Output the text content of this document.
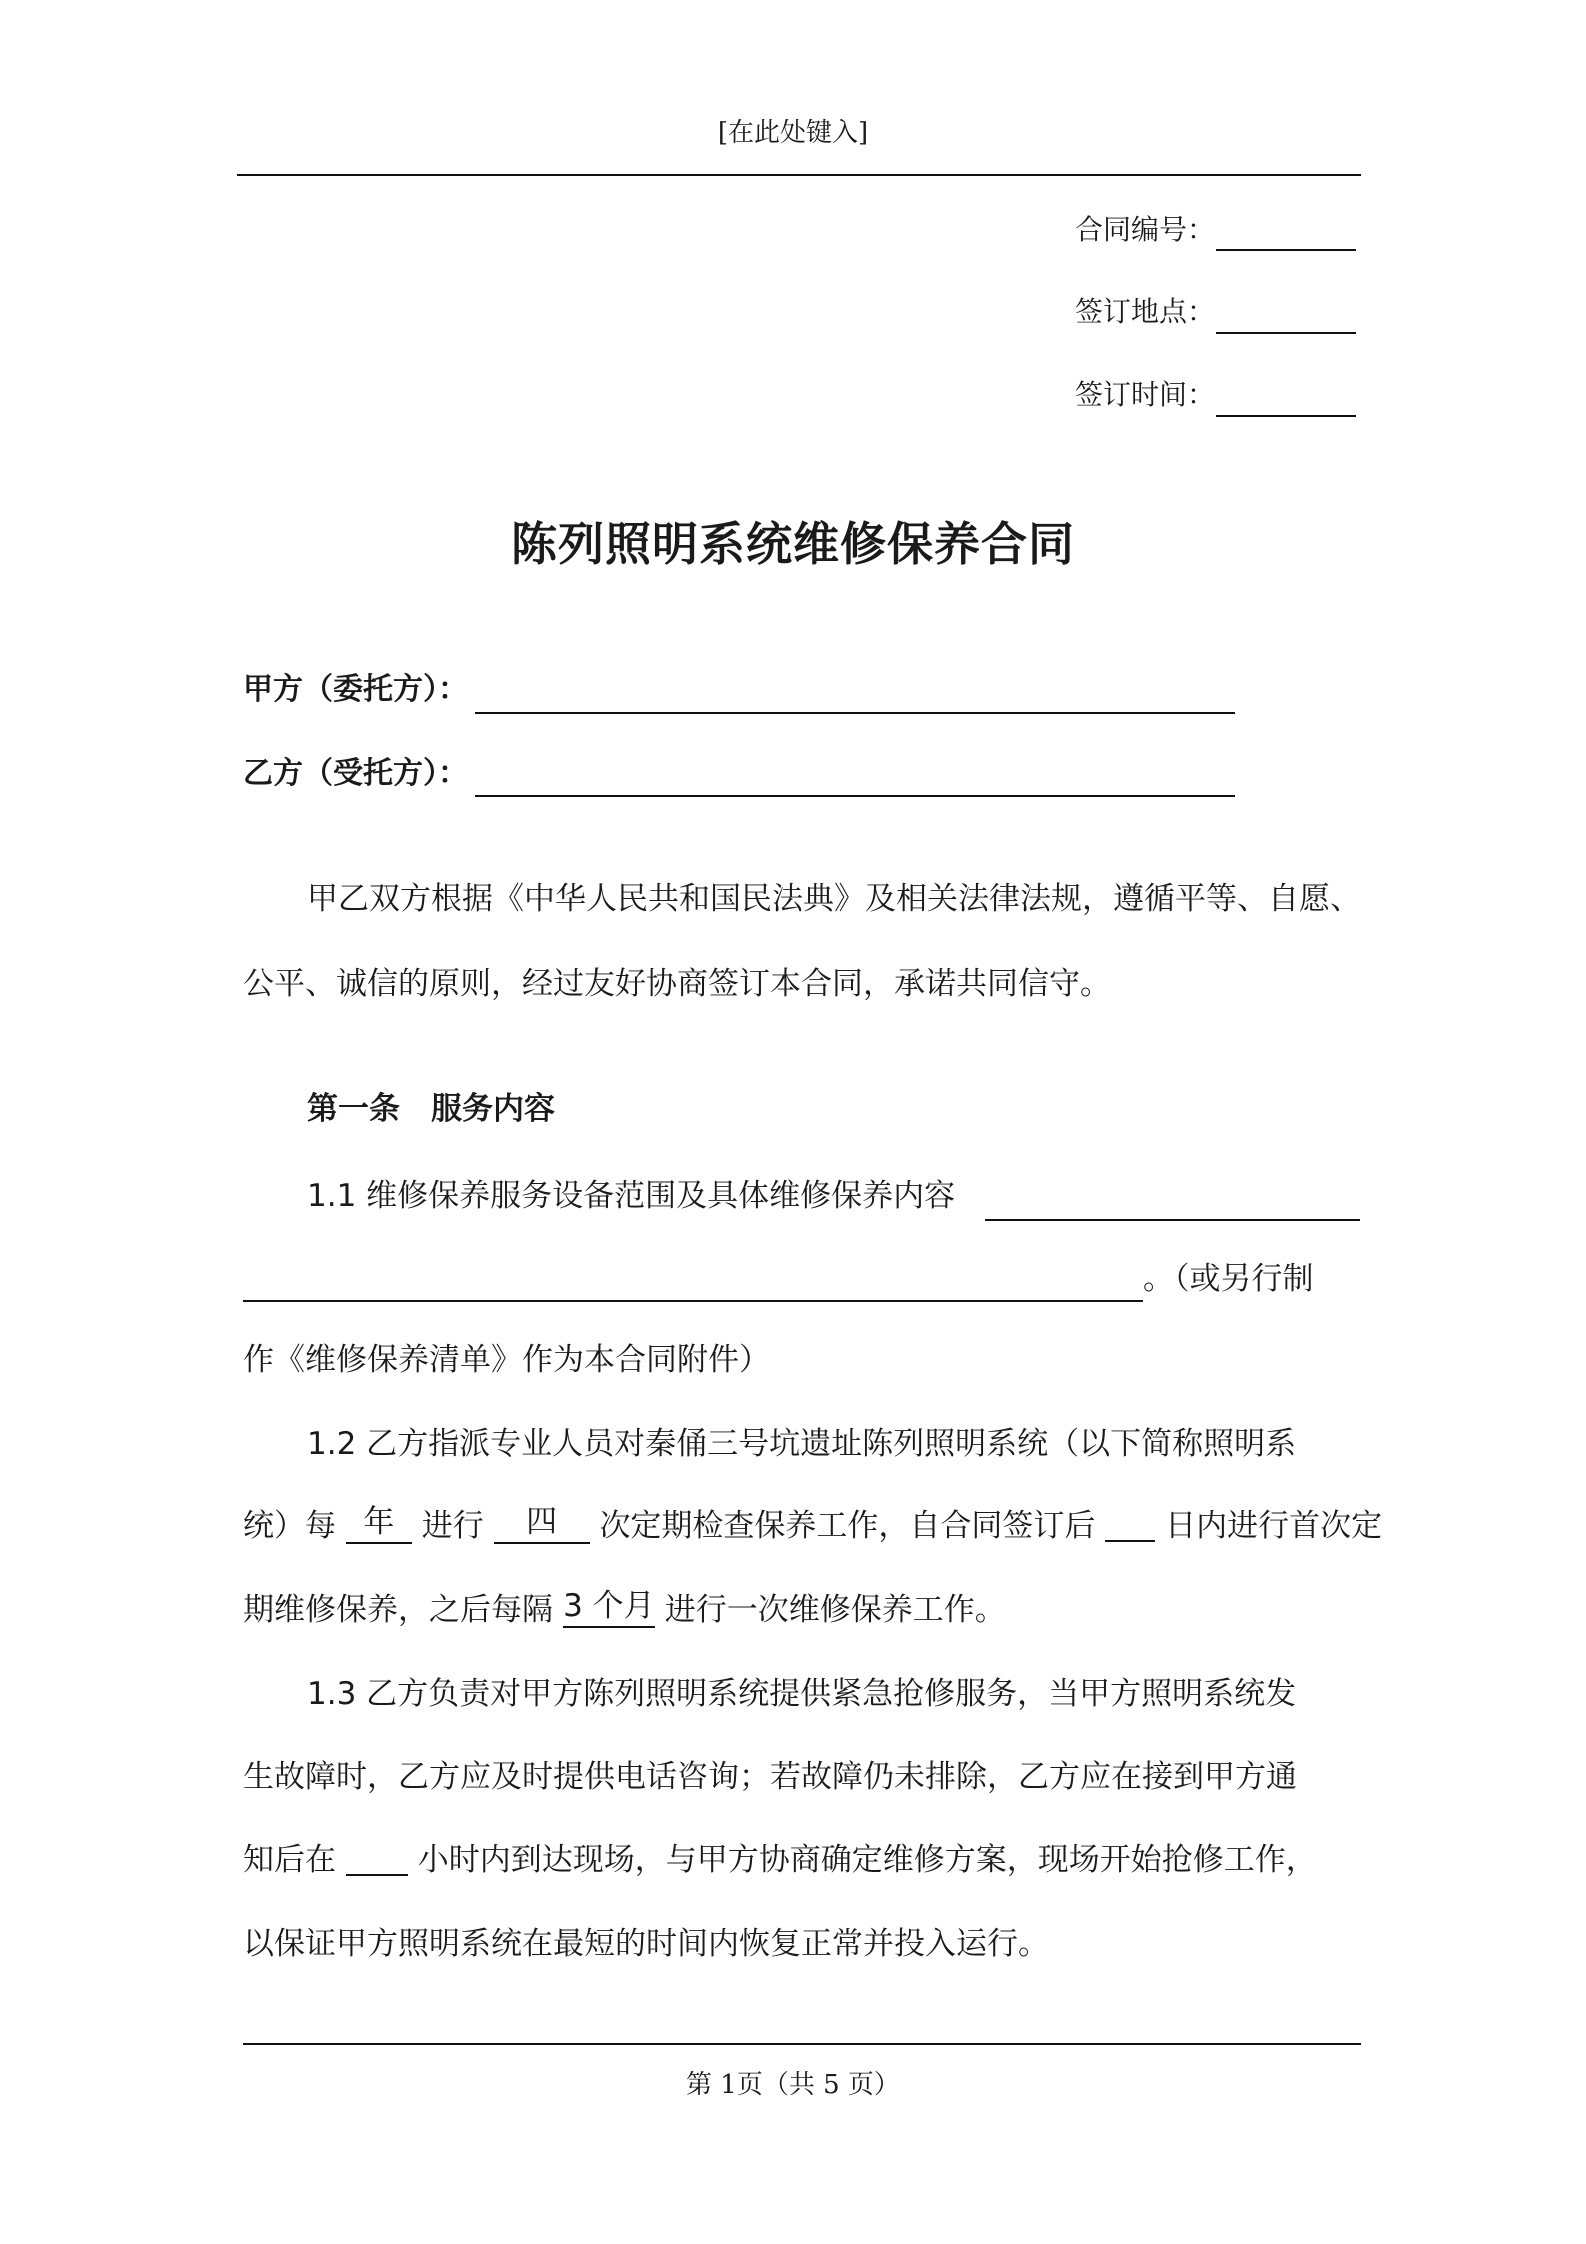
[在此处键入]
合同编号：
签订地点：
签订时间：
陈列照明系统维修保养合同
甲方（委托方）：
乙方（受托方）：
甲乙双方根据《中华人民共和国民法典》及相关法律法规，遵循平等、自愿、
公平、诚信的原则，经过友好协商签订本合同，承诺共同信守。
第一条　服务内容
1.1 维修保养服务设备范围及具体维修保养内容
。（或另行制
作《维修保养清单》作为本合同附件）
1.2 乙方指派专业人员对秦俑三号坑遗址陈列照明系统（以下简称照明系
统）每 年 进行 四 次定期检查保养工作，自合同签订后 日内进行首次定
期维修保养，之后每隔 3 个月 进行一次维修保养工作。
1.3 乙方负责对甲方陈列照明系统提供紧急抢修服务，当甲方照明系统发
生故障时，乙方应及时提供电话咨询；若故障仍未排除，乙方应在接到甲方通
知后在	小时内到达现场，与甲方协商确定维修方案，现场开始抢修工作，
以保证甲方照明系统在最短的时间内恢复正常并投入运行。
第 1页（共 5 页）
